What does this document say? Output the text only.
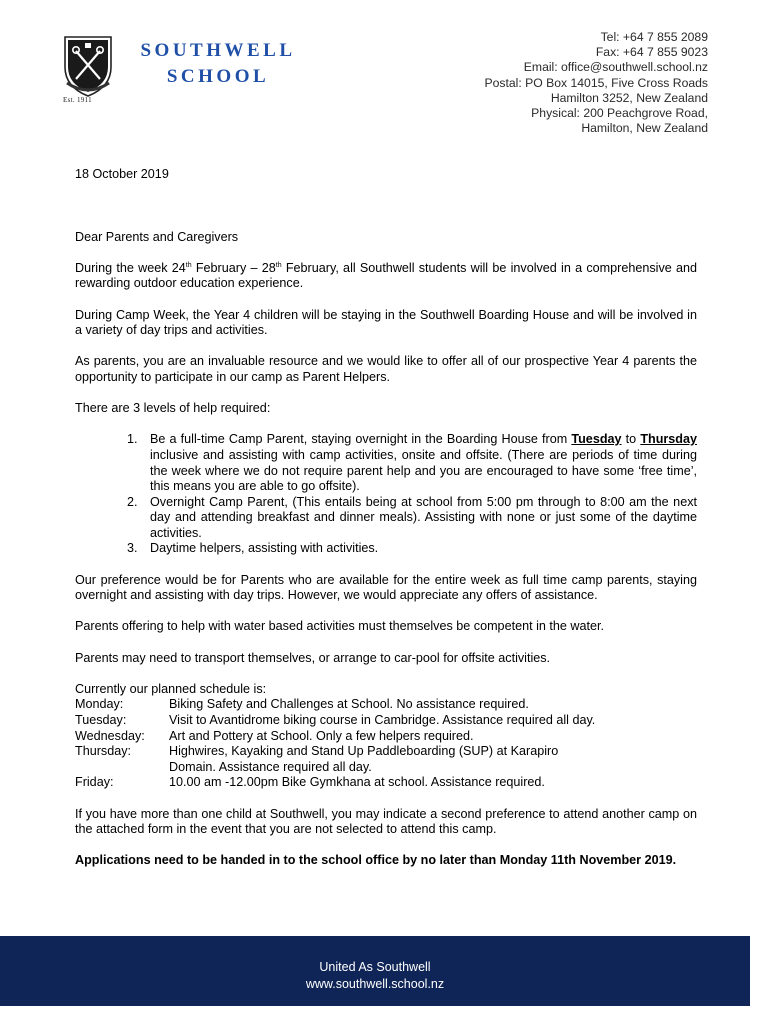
Est. 1911
SOUTHWELL
SCHOOL
Tel: +64 7 855 2089
Fax: +64 7 855 9023
Email: office@southwell.school.nz
Postal: PO Box 14015, Five Cross Roads
Hamilton 3252, New Zealand
Physical: 200 Peachgrove Road,
Hamilton, New Zealand

18 October 2019

Dear Parents and Caregivers

During the week 24th February – 28th February, all Southwell students will be involved in a comprehensive and rewarding outdoor education experience.

During Camp Week, the Year 4 children will be staying in the Southwell Boarding House and will be involved in a variety of day trips and activities.

As parents, you are an invaluable resource and we would like to offer all of our prospective Year 4 parents the opportunity to participate in our camp as Parent Helpers.

There are 3 levels of help required:

1. Be a full-time Camp Parent, staying overnight in the Boarding House from Tuesday to Thursday inclusive and assisting with camp activities, onsite and offsite. (There are periods of time during the week where we do not require parent help and you are encouraged to have some ‘free time’, this means you are able to go offsite).
2. Overnight Camp Parent, (This entails being at school from 5:00 pm through to 8:00 am the next day and attending breakfast and dinner meals). Assisting with none or just some of the daytime activities.
3. Daytime helpers, assisting with activities.

Our preference would be for Parents who are available for the entire week as full time camp parents, staying overnight and assisting with day trips. However, we would appreciate any offers of assistance.

Parents offering to help with water based activities must themselves be competent in the water.

Parents may need to transport themselves, or arrange to car-pool for offsite activities.

Currently our planned schedule is:
Monday:	Biking Safety and Challenges at School. No assistance required.
Tuesday:	Visit to Avantidrome biking course in Cambridge. Assistance required all day.
Wednesday:	Art and Pottery at School. Only a few helpers required.
Thursday:	Highwires, Kayaking and Stand Up Paddleboarding (SUP) at Karapiro
Domain. Assistance required all day.
Friday:	10.00 am -12.00pm Bike Gymkhana at school. Assistance required.

If you have more than one child at Southwell, you may indicate a second preference to attend another camp on the attached form in the event that you are not selected to attend this camp.

Applications need to be handed in to the school office by no later than Monday 11th November 2019.

United As Southwell
www.southwell.school.nz
